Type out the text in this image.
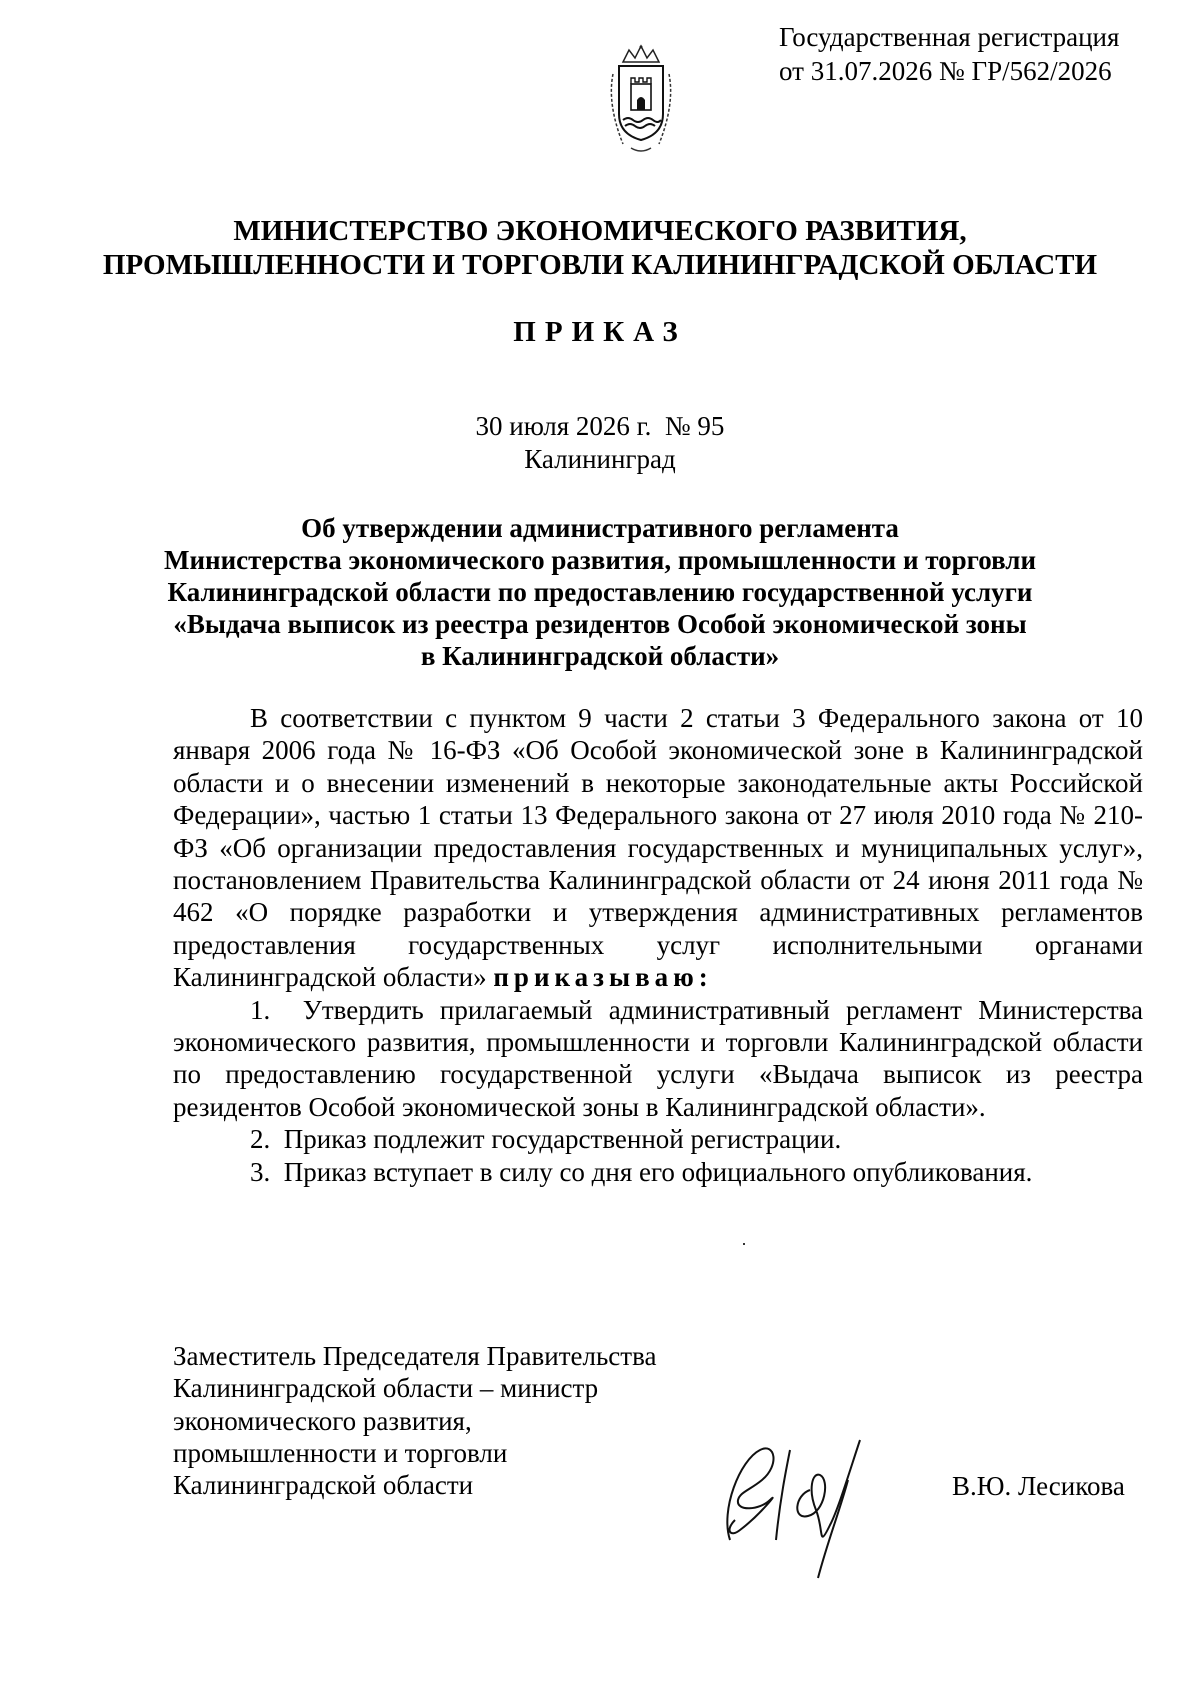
Государственная регистрация
от 31.07.2026 № ГР/562/2026
МИНИСТЕРСТВО ЭКОНОМИЧЕСКОГО РАЗВИТИЯ,
ПРОМЫШЛЕННОСТИ И ТОРГОВЛИ КАЛИНИНГРАДСКОЙ ОБЛАСТИ
ПРИКАЗ
30 июля 2026 г.  № 95
Калининград
Об утверждении административного регламента
Министерства экономического развития, промышленности и торговли
Калининградской области по предоставлению государственной услуги
«Выдача выписок из реестра резидентов Особой экономической зоны
в Калининградской области»

В соответствии с пунктом 9 части 2 статьи 3 Федерального закона от 10 января 2006 года № 16-ФЗ «Об Особой экономической зоне в Калининградской области и о внесении изменений в некоторые законодательные акты Российской Федерации», частью 1 статьи 13 Федерального закона от 27 июля 2010 года № 210-ФЗ «Об организации предоставления государственных и муниципальных услуг», постановлением Правительства Калининградской области от 24 июня 2011 года № 462 «О порядке разработки и утверждения административных регламентов предоставления государственных услуг исполнительными органами Калининградской области» приказываю:

1. Утвердить прилагаемый административный регламент Министерства экономического развития, промышленности и торговли Калининградской области по предоставлению государственной услуги «Выдача выписок из реестра резидентов Особой экономической зоны в Калининградской области».

2. Приказ подлежит государственной регистрации.

3. Приказ вступает в силу со дня его официального опубликования.

Заместитель Председателя Правительства
Калининградской области – министр
экономического развития,
промышленности и торговли
Калининградской области	В.Ю. Лесикова
